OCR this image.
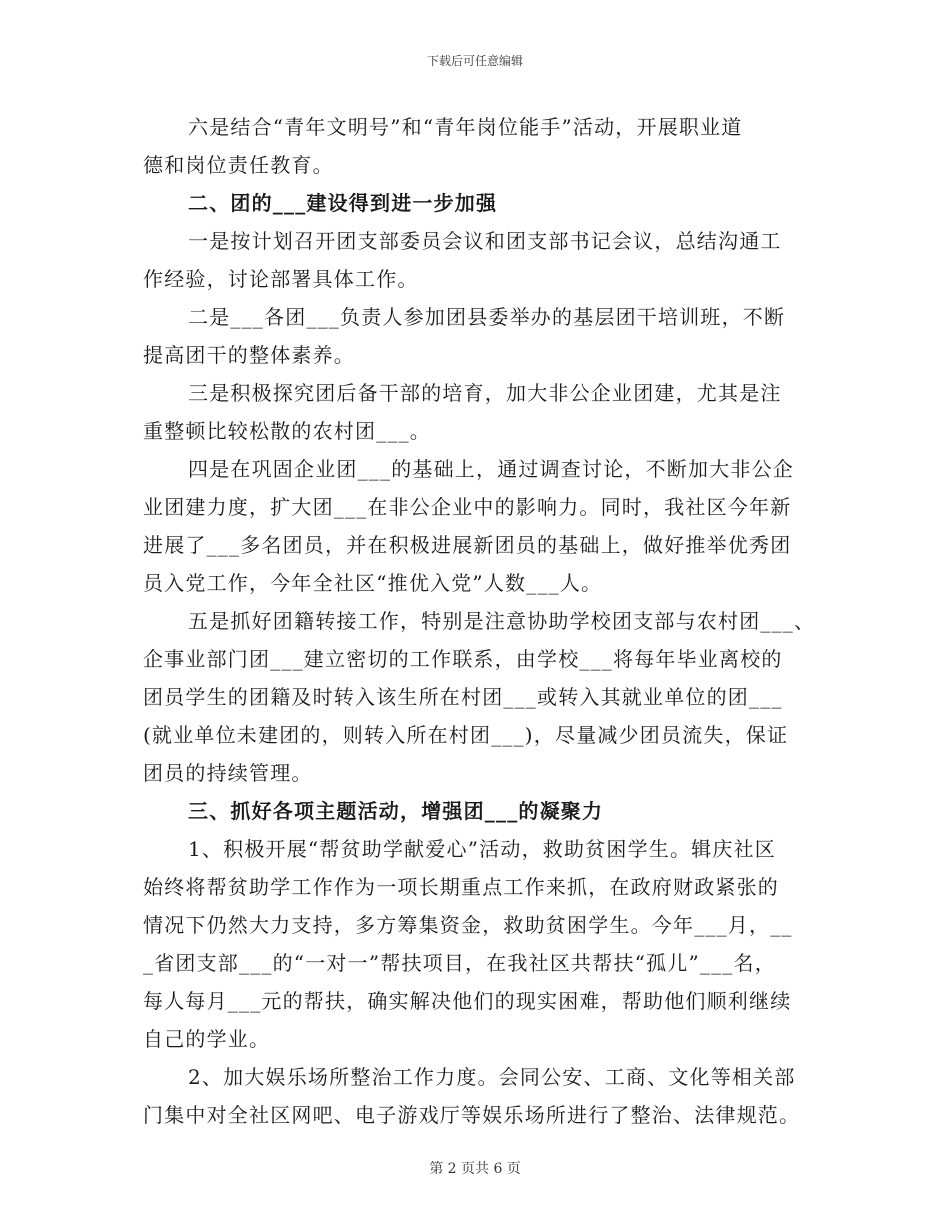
下载后可任意编辑
六是结合“青年文明号”和“青年岗位能手”活动，开展职业道
德和岗位责任教育。
二、团的___建设得到进一步加强
一是按计划召开团支部委员会议和团支部书记会议，总结沟通工
作经验，讨论部署具体工作。
二是___各团___负责人参加团县委举办的基层团干培训班，不断
提高团干的整体素养。
三是积极探究团后备干部的培育，加大非公企业团建，尤其是注
重整顿比较松散的农村团___。
四是在巩固企业团___的基础上，通过调查讨论，不断加大非公企
业团建力度，扩大团___在非公企业中的影响力。同时，我社区今年新
进展了___多名团员，并在积极进展新团员的基础上，做好推举优秀团
员入党工作，今年全社区“推优入党”人数___人。
五是抓好团籍转接工作，特别是注意协助学校团支部与农村团___、
企事业部门团___建立密切的工作联系，由学校___将每年毕业离校的
团员学生的团籍及时转入该生所在村团___或转入其就业单位的团___
(就业单位未建团的，则转入所在村团___)，尽量减少团员流失，保证
团员的持续管理。
三、抓好各项主题活动，增强团___的凝聚力
1、积极开展“帮贫助学献爱心”活动，救助贫困学生。辑庆社区
始终将帮贫助学工作作为一项长期重点工作来抓，在政府财政紧张的
情况下仍然大力支持，多方筹集资金，救助贫困学生。今年___月，__
_省团支部___的“一对一”帮扶项目，在我社区共帮扶“孤儿”___名，
每人每月___元的帮扶，确实解决他们的现实困难，帮助他们顺利继续
自己的学业。
2、加大娱乐场所整治工作力度。会同公安、工商、文化等相关部
门集中对全社区网吧、电子游戏厅等娱乐场所进行了整治、法律规范。
第 2 页共 6 页
